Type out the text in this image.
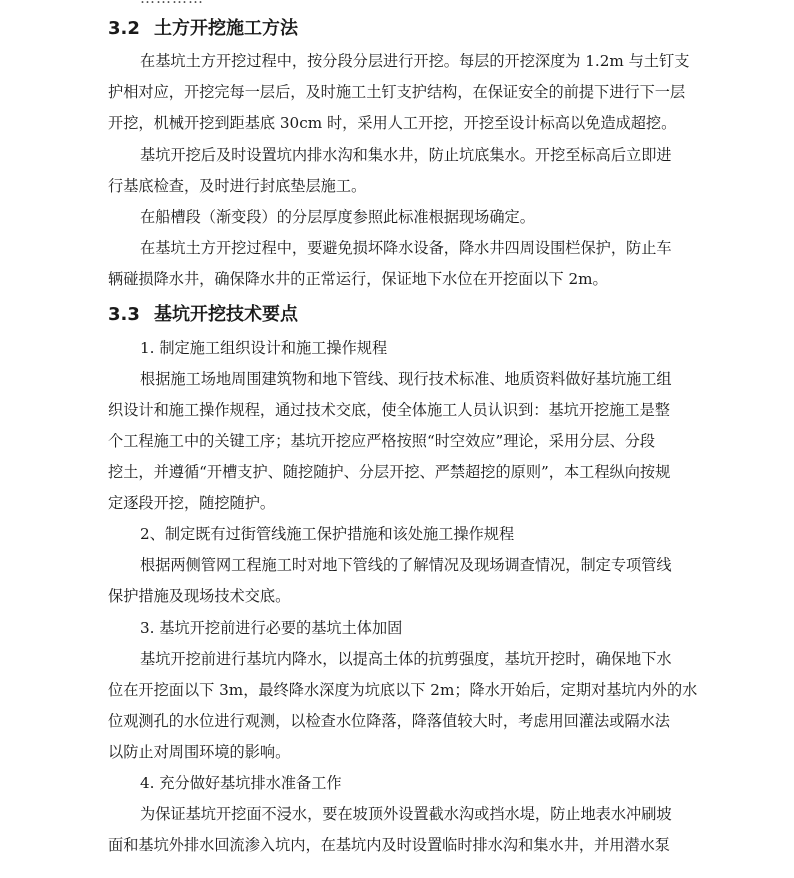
3.2 土方开挖施工方法
在基坑土方开挖过程中，按分段分层进行开挖。每层的开挖深度为 1.2m 与土钉支
护相对应，开挖完每一层后，及时施工土钉支护结构，在保证安全的前提下进行下一层
开挖，机械开挖到距基底 30cm 时，采用人工开挖，开挖至设计标高以免造成超挖。
基坑开挖后及时设置坑内排水沟和集水井，防止坑底集水。开挖至标高后立即进
行基底检查，及时进行封底垫层施工。
在船槽段（渐变段）的分层厚度参照此标准根据现场确定。
在基坑土方开挖过程中，要避免损坏降水设备，降水井四周设围栏保护，防止车
辆碰损降水井，确保降水井的正常运行，保证地下水位在开挖面以下 2m。
3.3 基坑开挖技术要点
1. 制定施工组织设计和施工操作规程
根据施工场地周围建筑物和地下管线、现行技术标准、地质资料做好基坑施工组
织设计和施工操作规程，通过技术交底，使全体施工人员认识到：基坑开挖施工是整
个工程施工中的关键工序；基坑开挖应严格按照“时空效应”理论，采用分层、分段
挖土，并遵循“开槽支护、随挖随护、分层开挖、严禁超挖的原则”，本工程纵向按规
定逐段开挖，随挖随护。
2、制定既有过街管线施工保护措施和该处施工操作规程
根据两侧管网工程施工时对地下管线的了解情况及现场调查情况，制定专项管线
保护措施及现场技术交底。
3. 基坑开挖前进行必要的基坑土体加固
基坑开挖前进行基坑内降水，以提高土体的抗剪强度，基坑开挖时，确保地下水
位在开挖面以下 3m，最终降水深度为坑底以下 2m；降水开始后，定期对基坑内外的水
位观测孔的水位进行观测，以检查水位降落，降落值较大时，考虑用回灌法或隔水法
以防止对周围环境的影响。
4. 充分做好基坑排水准备工作
为保证基坑开挖面不浸水，要在坡顶外设置截水沟或挡水堤，防止地表水冲刷坡
面和基坑外排水回流渗入坑内，在基坑内及时设置临时排水沟和集水井，并用潜水泵
